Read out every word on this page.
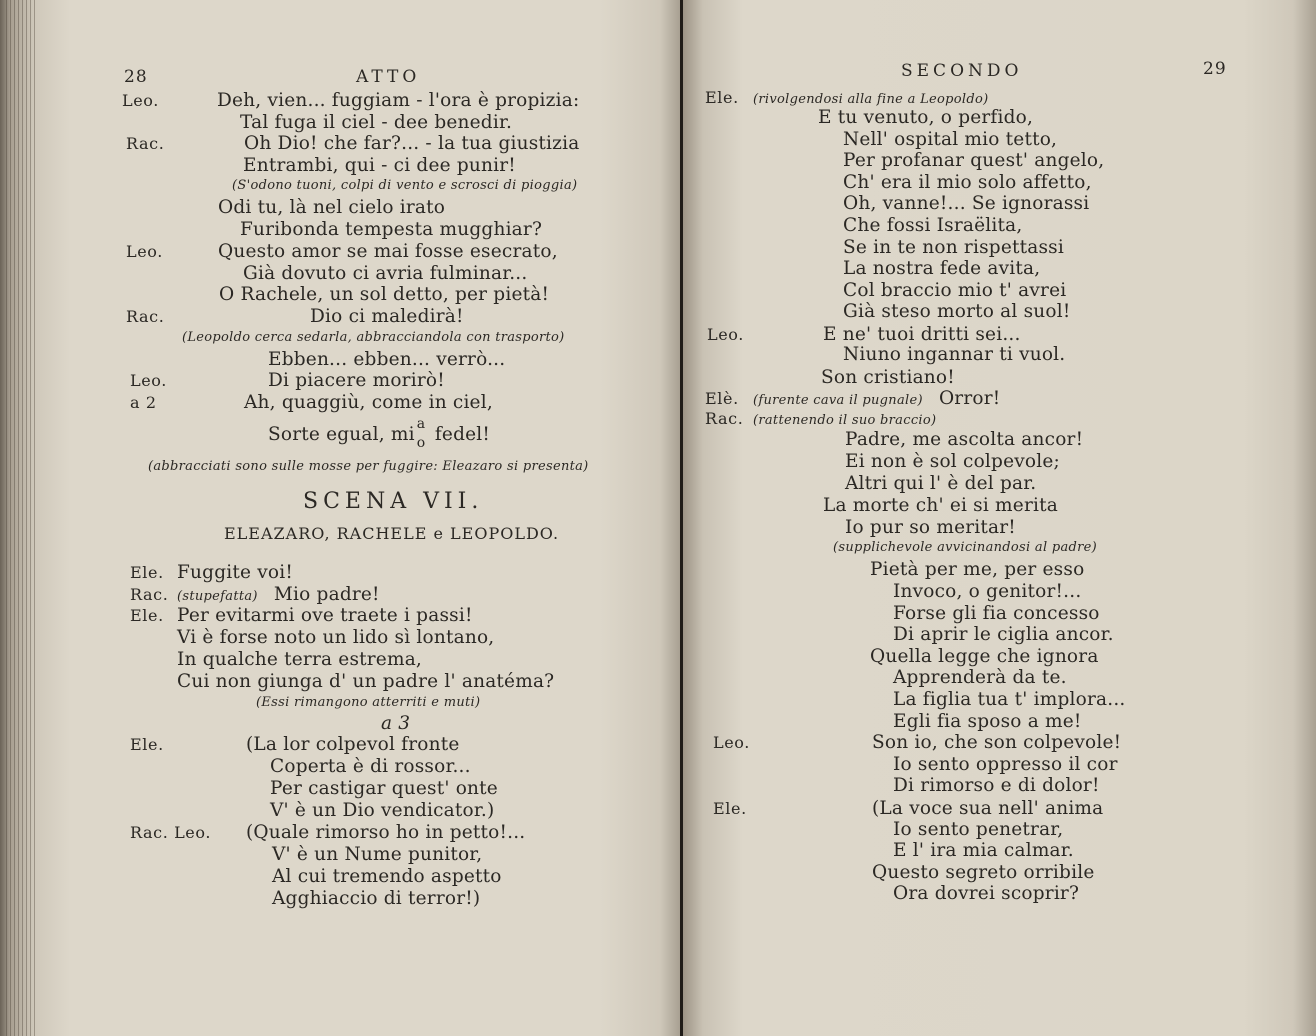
28	ATTO
Leo.	Deh, vien... fuggiam - l'ora è propizia:
Tal fuga il ciel - dee benedir.
Rac.	Oh Dio! che far?... - la tua giustizia
Entrambi, qui - ci dee punir!
(S'odono tuoni, colpi di vento e scrosci di pioggia)
Odi tu, là nel cielo irato
Furibonda tempesta mugghiar?
Leo.	Questo amor se mai fosse esecrato,
Già dovuto ci avria fulminar...
O Rachele, un sol detto, per pietà!
Rac.	Dio ci maledirà!
(Leopoldo cerca sedarla, abbracciandola con trasporto)
Ebben... ebben... verrò...
Leo.	Di piacere morirò!
a 2	Ah, quaggiù, come in ciel,
Sorte egual, mi a
o fedel!
(abbracciati sono sulle mosse per fuggire: Eleazaro si presenta)
SCENA VII.
ELEAZARO, RACHELE e LEOPOLDO.
Ele. Fuggite voi!
Rac. (stupefatta) Mio padre!
Ele. Per evitarmi ove traete i passi!
Vi è forse noto un lido sì lontano,
In qualche terra estrema,
Cui non giunga d' un padre l' anatéma?
(Essi rimangono atterriti e muti)
a 3
Ele.	(La lor colpevol fronte
Coperta è di rossor...
Per castigar quest' onte
V' è un Dio vendicator.)
Rac. Leo. (Quale rimorso ho in petto!...
V' è un Nume punitor,
Al cui tremendo aspetto
Agghiaccio di terror!)
SECONDO	29
Ele. (rivolgendosi alla fine a Leopoldo)
E tu venuto, o perfido,
Nell' ospital mio tetto,
Per profanar quest' angelo,
Ch' era il mio solo affetto,
Oh, vanne!... Se ignorassi
Che fossi Israëlita,
Se in te non rispettassi
La nostra fede avita,
Col braccio mio t' avrei
Già steso morto al suol!
Leo.	E ne' tuoi dritti sei...
Niuno ingannar ti vuol.
Son cristiano!
Elè. (furente cava il pugnale) Orror!
Rac. (rattenendo il suo braccio)
Padre, me ascolta ancor!
Ei non è sol colpevole;
Altri qui l' è del par.
La morte ch' ei si merita
Io pur so meritar!
(supplichevole avvicinandosi al padre)
Pietà per me, per esso
Invoco, o genitor!...
Forse gli fia concesso
Di aprir le ciglia ancor.
Quella legge che ignora
Apprenderà da te.
La figlia tua t' implora...
Egli fia sposo a me!
Leo.	Son io, che son colpevole!
Io sento oppresso il cor
Di rimorso e di dolor!
Ele.	(La voce sua nell' anima
Io sento penetrar,
E l' ira mia calmar.
Questo segreto orribile
Ora dovrei scoprir?
